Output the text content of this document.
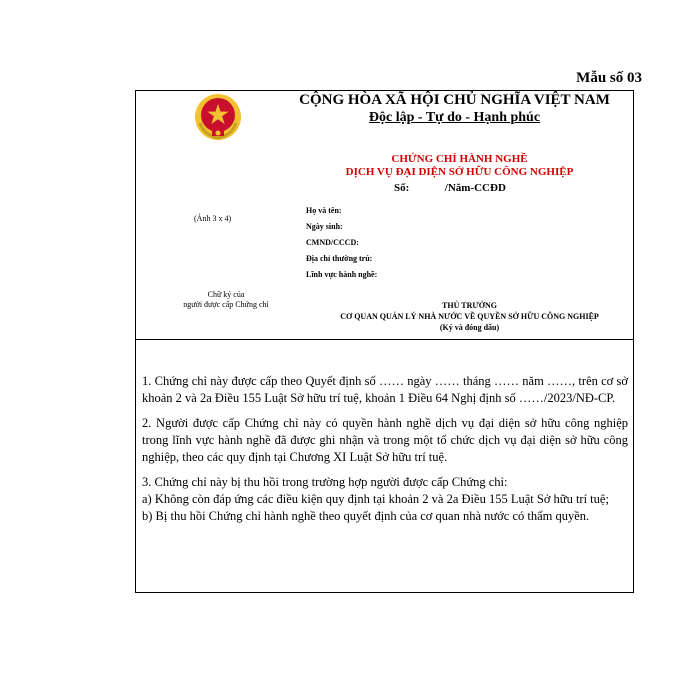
Mẫu số 03
CỘNG HÒA XÃ HỘI CHỦ NGHĨA VIỆT NAM
Độc lập - Tự do - Hạnh phúc
CHỨNG CHỈ HÀNH NGHỀ
DỊCH VỤ ĐẠI DIỆN SỞ HỮU CÔNG NGHIỆP
Số:	/Năm-CCĐD
(Ảnh 3 x 4)
Họ và tên:
Ngày sinh:
CMND/CCCD:
Địa chỉ thường trú:
Lĩnh vực hành nghề:
Chữ ký của
người được cấp Chứng chỉ	THỦ TRƯỞNG
CƠ QUAN QUẢN LÝ NHÀ NƯỚC VỀ QUYỀN SỞ HỮU CÔNG NGHIỆP
(Ký và đóng dấu)

1. Chứng chỉ này được cấp theo Quyết định số …… ngày …… tháng …… năm ……, trên cơ sở khoản 2 và 2a Điều 155 Luật Sở hữu trí tuệ, khoản 1 Điều 64 Nghị định số ……/2023/NĐ-CP.

2. Người được cấp Chứng chỉ này có quyền hành nghề dịch vụ đại diện sở hữu công nghiệp trong lĩnh vực hành nghề đã được ghi nhận và trong một tổ chức dịch vụ đại diện sở hữu công nghiệp, theo các quy định tại Chương XI Luật Sở hữu trí tuệ.

3. Chứng chỉ này bị thu hồi trong trường hợp người được cấp Chứng chỉ:

a) Không còn đáp ứng các điều kiện quy định tại khoản 2 và 2a Điều 155 Luật Sở hữu trí tuệ;

b) Bị thu hồi Chứng chỉ hành nghề theo quyết định của cơ quan nhà nước có thẩm quyền.
